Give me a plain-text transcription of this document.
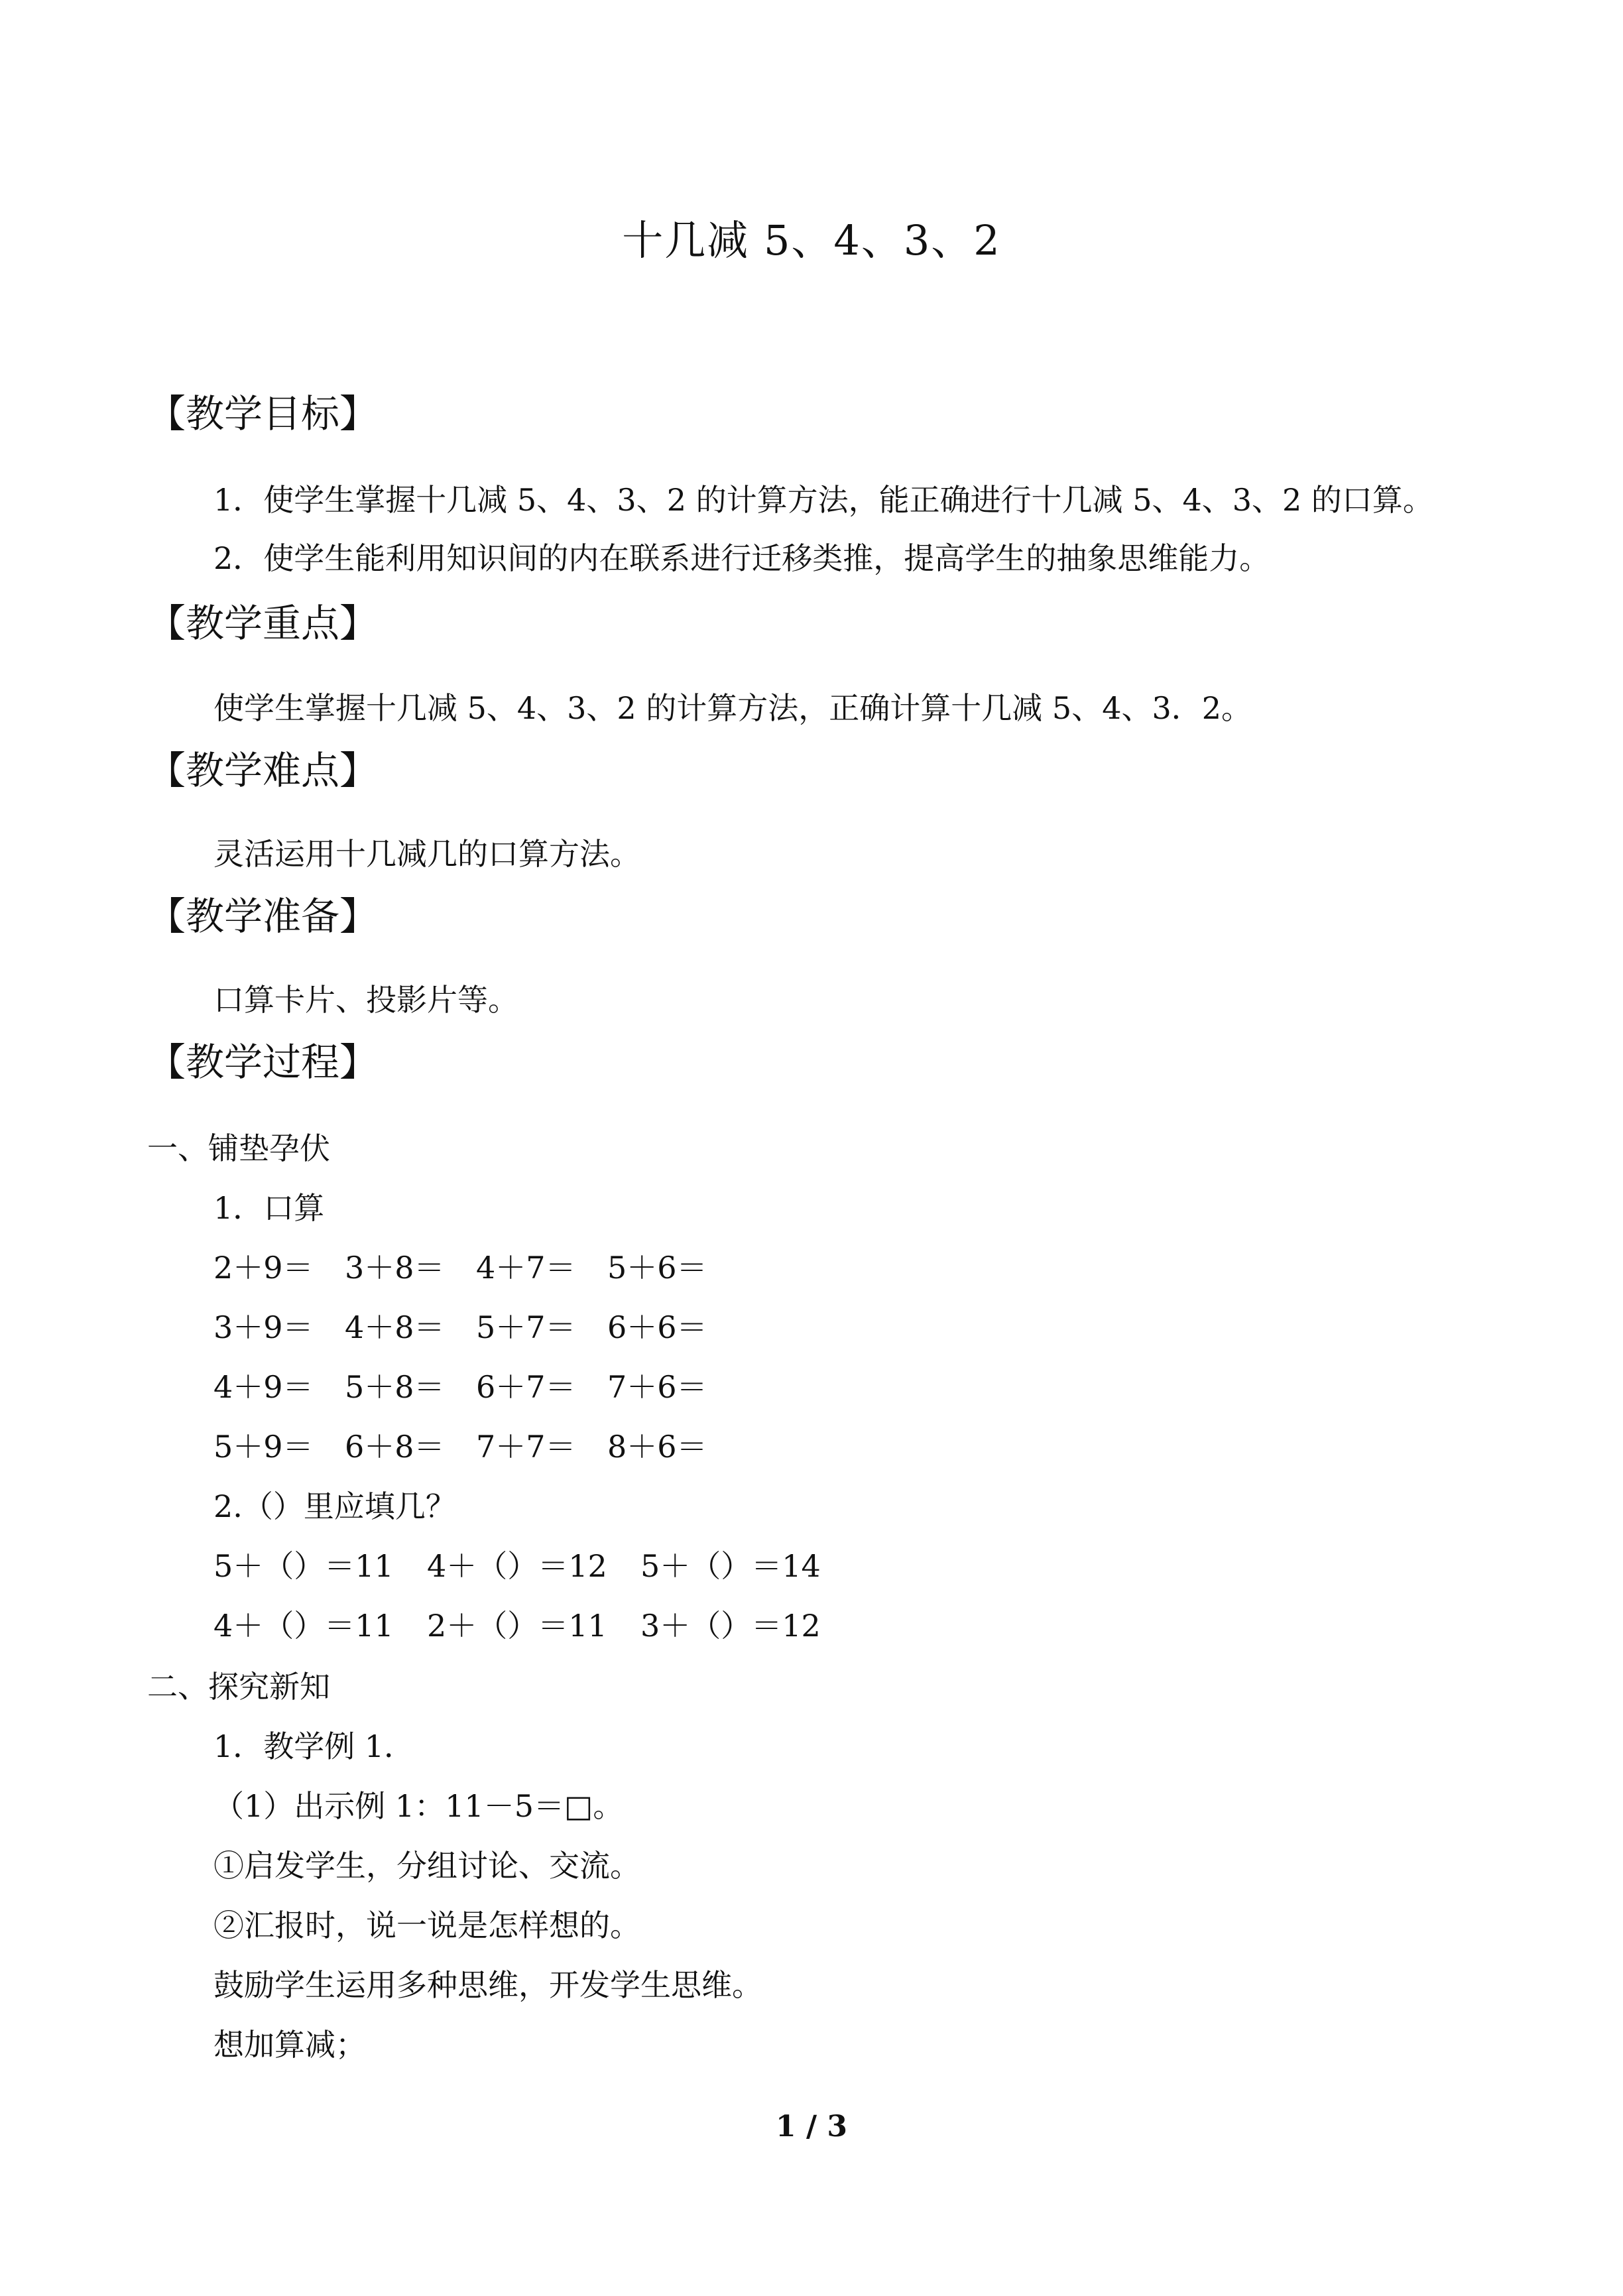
十几减 5、4、3、2
【教学目标】
1．使学生掌握十几减 5、4、3、2 的计算方法，能正确进行十几减 5、4、3、2 的口算。
2．使学生能利用知识间的内在联系进行迁移类推，提高学生的抽象思维能力。
【教学重点】
使学生掌握十几减 5、4、3、2 的计算方法，正确计算十几减 5、4、3．2。
【教学难点】
灵活运用十几减几的口算方法。
【教学准备】
口算卡片、投影片等。
【教学过程】
一、铺垫孕伏
1．口算
2＋9＝	3＋8＝	4＋7＝	5＋6＝
3＋9＝	4＋8＝	5＋7＝	6＋6＝
4＋9＝	5＋8＝	6＋7＝	7＋6＝
5＋9＝	6＋8＝	7＋7＝	8＋6＝
2.（）里应填几？
5＋（）＝11	4＋（）＝12	5＋（）＝14
4＋（）＝11	2＋（）＝11	3＋（）＝12
二、探究新知
1．教学例 1．
（1）出示例 1：11－5＝□。
①启发学生，分组讨论、交流。
②汇报时，说一说是怎样想的。
鼓励学生运用多种思维，开发学生思维。
想加算减；
1 / 3
